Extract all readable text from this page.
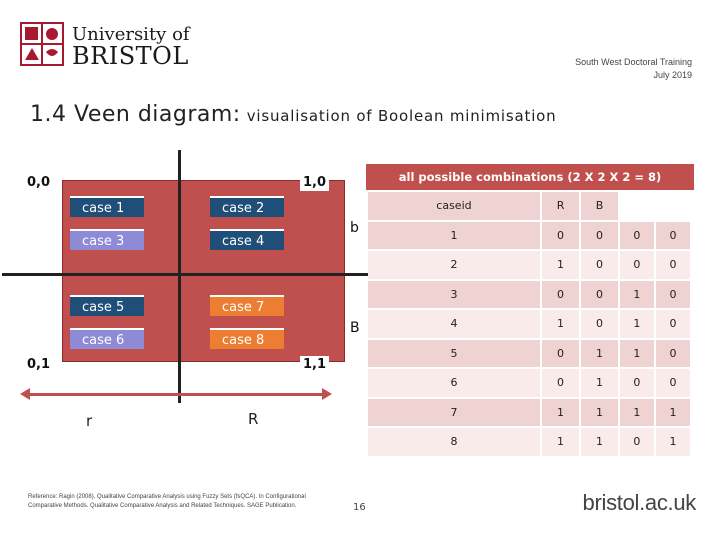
University of
BRISTOL	South West Doctoral Training
July 2019
1.4 Veen diagram: visualisation of Boolean minimisation
0,0	1,0
0,1	1,1
case 1	case 2
case 3	case 4
case 5	case 7
case 6	case 8
b
B
r	R
all possible combinations (2 X 2 X 2 = 8)
caseid	R	B		
1	0	0	0	0
2	1	0	0	0
3	0	0	1	0
4	1	0	1	0
5	0	1	1	0
6	0	1	0	0
7	1	1	1	1
8	1	1	0	1
Reference: Ragin (2008). Qualitative Comparative Analysis using Fuzzy Sets (fsQCA). In Configurational Comparative Methods. Qualitative Comparative Analysis and Related Techniques. SAGE Publication.	16	bristol.ac.uk
